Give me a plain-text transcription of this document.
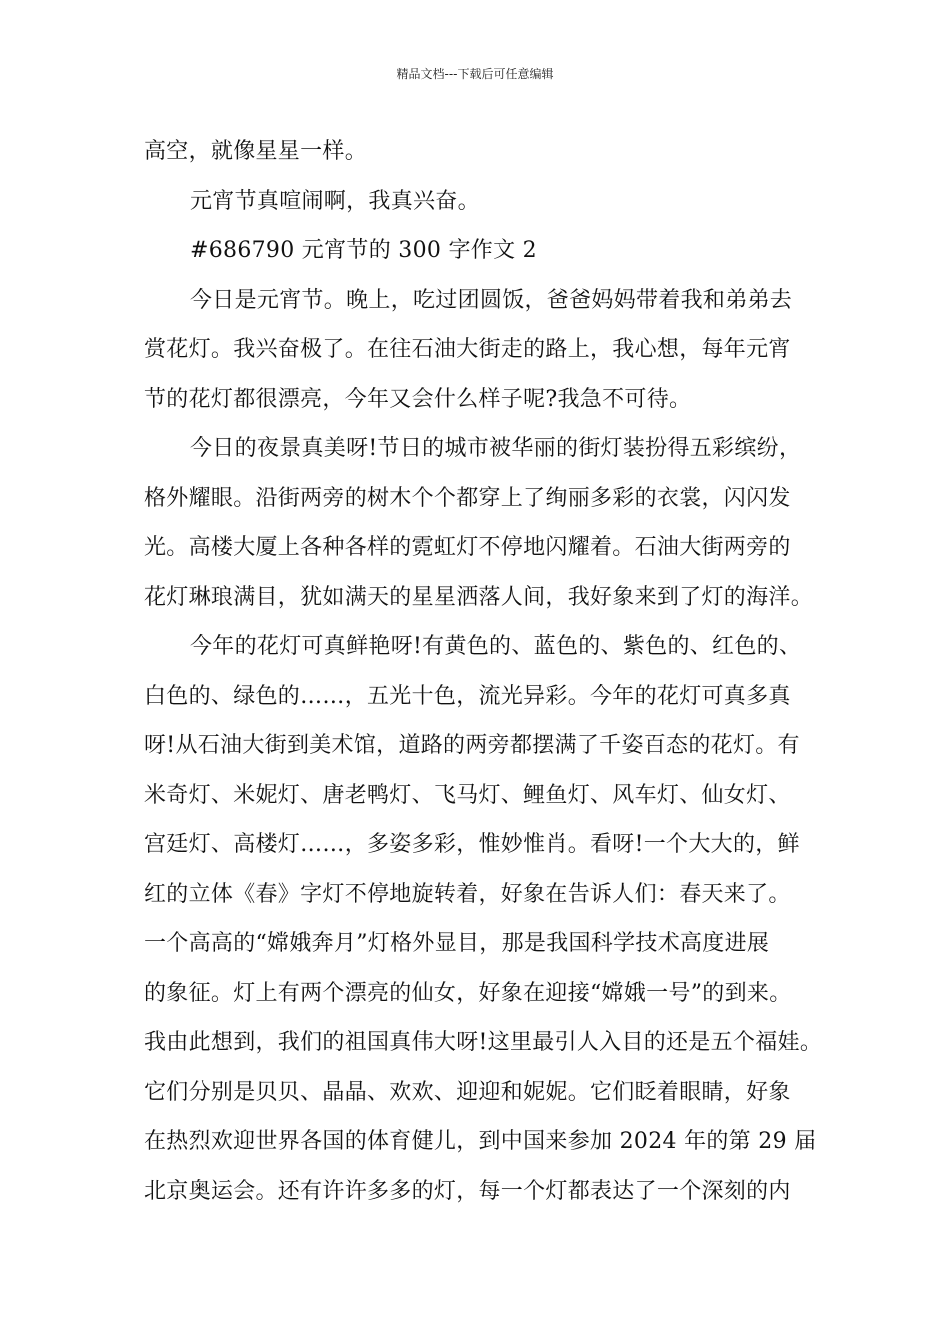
精品文档---下载后可任意编辑
高空，就像星星一样。
元宵节真喧闹啊，我真兴奋。
#686790 元宵节的 300 字作文 2
今日是元宵节。晚上，吃过团圆饭，爸爸妈妈带着我和弟弟去
赏花灯。我兴奋极了。在往石油大街走的路上，我心想，每年元宵
节的花灯都很漂亮，今年又会什么样子呢?我急不可待。
今日的夜景真美呀!节日的城市被华丽的街灯装扮得五彩缤纷，
格外耀眼。沿街两旁的树木个个都穿上了绚丽多彩的衣裳，闪闪发
光。高楼大厦上各种各样的霓虹灯不停地闪耀着。石油大街两旁的
花灯琳琅满目，犹如满天的星星洒落人间，我好象来到了灯的海洋。
今年的花灯可真鲜艳呀!有黄色的、蓝色的、紫色的、红色的、
白色的、绿色的……，五光十色，流光异彩。今年的花灯可真多真
呀!从石油大街到美术馆，道路的两旁都摆满了千姿百态的花灯。有
米奇灯、米妮灯、唐老鸭灯、飞马灯、鲤鱼灯、风车灯、仙女灯、
宫廷灯、高楼灯……，多姿多彩，惟妙惟肖。看呀!一个大大的，鲜
红的立体《春》字灯不停地旋转着，好象在告诉人们：春天来了。
一个高高的“嫦娥奔月”灯格外显目，那是我国科学技术高度进展
的象征。灯上有两个漂亮的仙女，好象在迎接“嫦娥一号”的到来。
我由此想到，我们的祖国真伟大呀!这里最引人入目的还是五个福娃。
它们分别是贝贝、晶晶、欢欢、迎迎和妮妮。它们眨着眼睛，好象
在热烈欢迎世界各国的体育健儿，到中国来参加 2024 年的第 29 届
北京奥运会。还有许许多多的灯，每一个灯都表达了一个深刻的内
